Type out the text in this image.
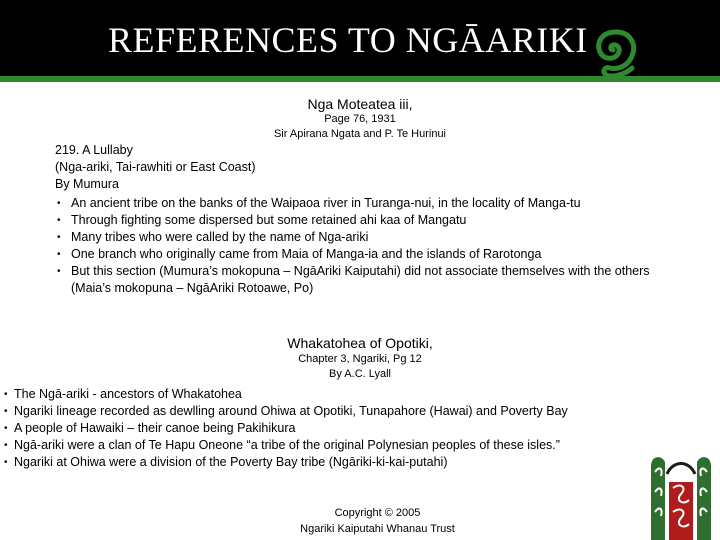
REFERENCES TO NGĀARIKI
Nga Moteatea iii,
Page 76, 1931
Sir Apirana Ngata and P. Te Hurinui
219. A Lullaby
(Nga-ariki, Tai-rawhiti or East Coast)
By Mumura
• An ancient tribe on the banks of the Waipaoa river in Turanga-nui, in the locality of Manga-tu
• Through fighting some dispersed but some retained ahi kaa of Mangatu
• Many tribes who were called by the name of Nga-ariki
• One branch who originally came from Maia of Manga-ia and the islands of Rarotonga
• But this section (Mumura’s mokopuna – NgāAriki Kaiputahi) did not associate themselves with the others (Maia’s mokopuna – NgāAriki Rotoawe, Po)
Whakatohea of Opotiki,
Chapter 3, Ngariki, Pg 12
By A.C. Lyall
• The Ngā-ariki - ancestors of Whakatohea
• Ngariki lineage recorded as dewlling around Ohiwa at Opotiki, Tunapahore (Hawai) and Poverty Bay
• A people of Hawaiki – their canoe being Pakihikura
• Ngā-ariki were a clan of Te Hapu Oneone “a tribe of the original Polynesian peoples of these isles.”
• Ngariki at Ohiwa were a division of the Poverty Bay tribe (Ngāriki-ki-kai-putahi)
Copyright © 2005
Ngariki Kaiputahi Whanau Trust
